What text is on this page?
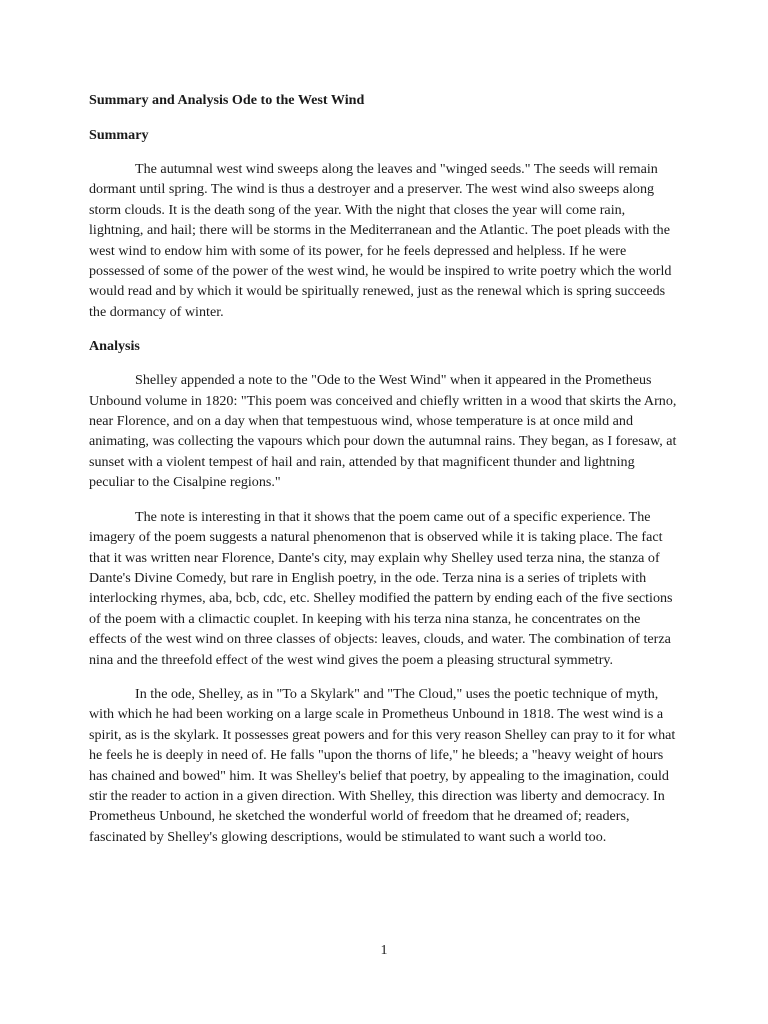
Summary and Analysis Ode to the West Wind
Summary

The autumnal west wind sweeps along the leaves and "winged seeds." The seeds will remain dormant until spring. The wind is thus a destroyer and a preserver. The west wind also sweeps along storm clouds. It is the death song of the year. With the night that closes the year will come rain, lightning, and hail; there will be storms in the Mediterranean and the Atlantic. The poet pleads with the west wind to endow him with some of its power, for he feels depressed and helpless. If he were possessed of some of the power of the west wind, he would be inspired to write poetry which the world would read and by which it would be spiritually renewed, just as the renewal which is spring succeeds the dormancy of winter.

Analysis

Shelley appended a note to the "Ode to the West Wind" when it appeared in the Prometheus Unbound volume in 1820: "This poem was conceived and chiefly written in a wood that skirts the Arno, near Florence, and on a day when that tempestuous wind, whose temperature is at once mild and animating, was collecting the vapours which pour down the autumnal rains. They began, as I foresaw, at sunset with a violent tempest of hail and rain, attended by that magnificent thunder and lightning peculiar to the Cisalpine regions."

The note is interesting in that it shows that the poem came out of a specific experience. The imagery of the poem suggests a natural phenomenon that is observed while it is taking place. The fact that it was written near Florence, Dante's city, may explain why Shelley used terza nina, the stanza of Dante's Divine Comedy, but rare in English poetry, in the ode. Terza nina is a series of triplets with interlocking rhymes, aba, bcb, cdc, etc. Shelley modified the pattern by ending each of the five sections of the poem with a climactic couplet. In keeping with his terza nina stanza, he concentrates on the effects of the west wind on three classes of objects: leaves, clouds, and water. The combination of terza nina and the threefold effect of the west wind gives the poem a pleasing structural symmetry.

In the ode, Shelley, as in "To a Skylark" and "The Cloud," uses the poetic technique of myth, with which he had been working on a large scale in Prometheus Unbound in 1818. The west wind is a spirit, as is the skylark. It possesses great powers and for this very reason Shelley can pray to it for what he feels he is deeply in need of. He falls "upon the thorns of life," he bleeds; a "heavy weight of hours has chained and bowed" him. It was Shelley's belief that poetry, by appealing to the imagination, could stir the reader to action in a given direction. With Shelley, this direction was liberty and democracy. In Prometheus Unbound, he sketched the wonderful world of freedom that he dreamed of; readers, fascinated by Shelley's glowing descriptions, would be stimulated to want such a world too.

1
